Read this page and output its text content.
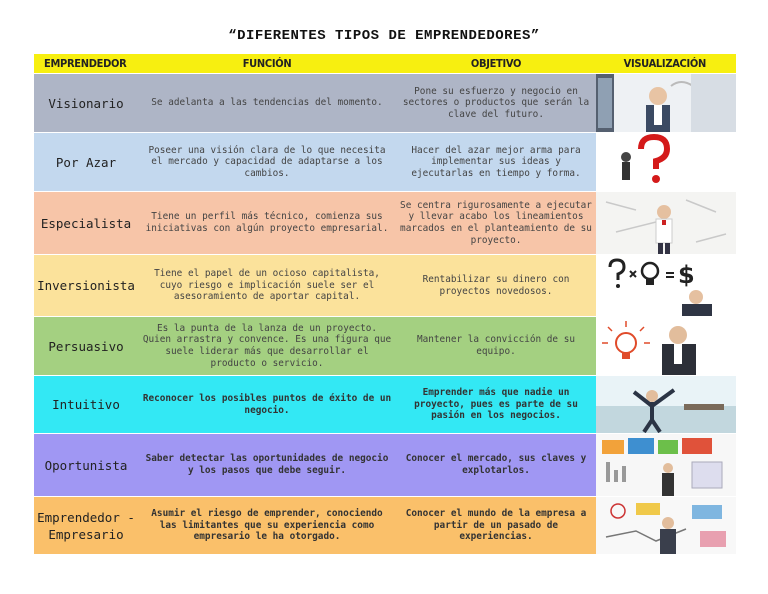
“DIFERENTES TIPOS DE EMPRENDEDORES”
EMPRENDEDOR	FUNCIÓN	OBJETIVO	VISUALIZACIÓN
Visionario	Se adelanta a las tendencias del momento.	Pone su esfuerzo y negocio en sectores o productos que serán la clave del futuro.	

Por Azar	Poseer una visión clara de lo que necesita el mercado y capacidad de adaptarse a los cambios.	Hacer del azar mejor arma para implementar sus ideas y ejecutarlas en tiempo y forma.	

Especialista	Tiene un perfil más técnico, comienza sus iniciativas con algún proyecto empresarial.	Se centra rigurosamente a ejecutar y llevar acabo los lineamientos marcados en el planteamiento de su proyecto.	

Inversionista	Tiene el papel de un ocioso capitalista, cuyo riesgo e implicación suele ser el asesoramiento de aportar capital.	Rentabilizar su dinero con proyectos novedosos.	$

Persuasivo	Es la punta de la lanza de un proyecto. Quien arrastra y convence. Es una figura que suele liderar más que desarrollar el producto o servicio.	Mantener la convicción de su equipo.	

Intuitivo	Reconocer los posibles puntos de éxito de un negocio.	Emprender más que nadie un proyecto, pues es parte de su pasión en los negocios.	

Oportunista	Saber detectar las oportunidades de negocio y los pasos que debe seguir.	Conocer el mercado, sus claves y explotarlos.	

Emprendedor - Empresario	Asumir el riesgo de emprender, conociendo las limitantes que su experiencia como empresario le ha otorgado.	Conocer el mundo de la empresa a partir de un pasado de experiencias.	
